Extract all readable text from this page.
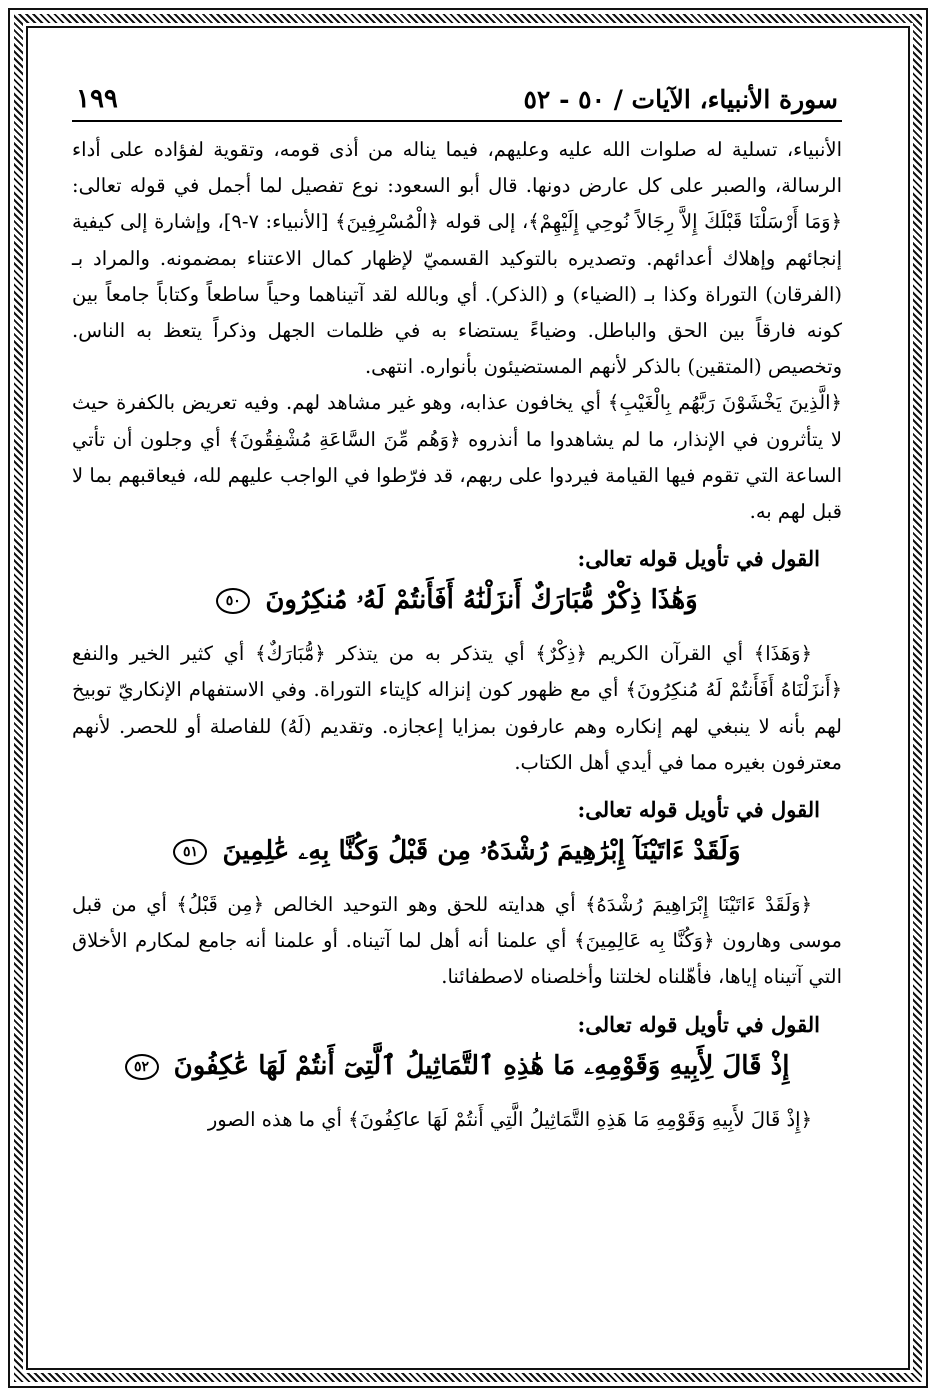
سورة الأنبياء، الآيات / ٥٠ - ٥٢
١٩٩

الأنبياء، تسلية له صلوات الله عليه وعليهم، فيما يناله من أذى قومه، وتقوية لفؤاده على أداء الرسالة، والصبر على كل عارض دونها. قال أبو السعود: نوع تفصيل لما أجمل في قوله تعالى: ﴿وَمَا أَرْسَلْنَا قَبْلَكَ إِلاَّ رِجَالاً نُوحِي إِلَيْهِمْ﴾، إلى قوله ﴿الْمُسْرِفِينَ﴾ [الأنبياء: ٧-٩]، وإشارة إلى كيفية إنجائهم وإهلاك أعدائهم. وتصديره بالتوكيد القسميّ لإظهار كمال الاعتناء بمضمونه. والمراد بـ (الفرقان) التوراة وكذا بـ (الضياء) و (الذكر). أي وبالله لقد آتيناهما وحياً ساطعاً وكتاباً جامعاً بين كونه فارقاً بين الحق والباطل. وضياءً يستضاء به في ظلمات الجهل وذكراً يتعظ به الناس. وتخصيص (المتقين) بالذكر لأنهم المستضيئون بأنواره. انتهى.

﴿الَّذِينَ يَخْشَوْنَ رَبَّهُم بِالْغَيْبِ﴾ أي يخافون عذابه، وهو غير مشاهد لهم. وفيه تعريض بالكفرة حيث لا يتأثرون في الإنذار، ما لم يشاهدوا ما أنذروه ﴿وَهُم مِّنَ السَّاعَةِ مُشْفِقُونَ﴾ أي وجلون أن تأتي الساعة التي تقوم فيها القيامة فيردوا على ربهم، قد فرّطوا في الواجب عليهم لله، فيعاقبهم بما لا قبل لهم به.

القول في تأويل قوله تعالى:
وَهَٰذَا ذِكْرٌ مُّبَارَكٌ أَنزَلْنَٰهُ أَفَأَنتُمْ لَهُۥ مُنكِرُونَ ٥٠

﴿وَهَذَا﴾ أي القرآن الكريم ﴿ذِكْرٌ﴾ أي يتذكر به من يتذكر ﴿مُّبَارَكٌ﴾ أي كثير الخير والنفع ﴿أَنزَلْنَاهُ أَفَأَنتُمْ لَهُ مُنكِرُونَ﴾ أي مع ظهور كون إنزاله كإيتاء التوراة. وفي الاستفهام الإنكاريّ توبيخ لهم بأنه لا ينبغي لهم إنكاره وهم عارفون بمزايا إعجازه. وتقديم (لَهُ) للفاصلة أو للحصر. لأنهم معترفون بغيره مما في أيدي أهل الكتاب.

القول في تأويل قوله تعالى:
وَلَقَدْ ءَاتَيْنَآ إِبْرَٰهِيمَ رُشْدَهُۥ مِن قَبْلُ وَكُنَّا بِهِۦ عَٰلِمِينَ ٥١

﴿وَلَقَدْ ءَاتَيْنَا إِبْرَاهِيمَ رُشْدَهُ﴾ أي هدايته للحق وهو التوحيد الخالص ﴿مِن قَبْلُ﴾ أي من قبل موسى وهارون ﴿وَكُنَّا بِه عَالِمِينَ﴾ أي علمنا أنه أهل لما آتيناه. أو علمنا أنه جامع لمكارم الأخلاق التي آتيناه إياها، فأهّلناه لخلتنا وأخلصناه لاصطفائنا.

القول في تأويل قوله تعالى:
إِذْ قَالَ لِأَبِيهِ وَقَوْمِهِۦ مَا هَٰذِهِ ٱلتَّمَاثِيلُ ٱلَّتِىٓ أَنتُمْ لَهَا عَٰكِفُونَ ٥٢

﴿إِذْ قَالَ لأَبِيهِ وَقَوْمِهِ مَا هَذِهِ التَّمَاثِيلُ الَّتِي أَنتُمْ لَهَا عاكِفُونَ﴾ أي ما هذه الصور
